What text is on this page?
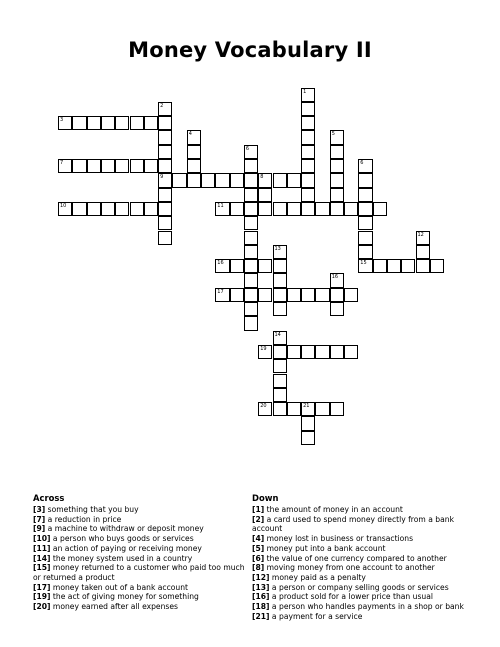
Money Vocabulary II
1
2
9
3
4	5
6
6
15
7
8
10	11
12
13
14
16
16
17
19
20	21
Across
[3] something that you buy
[7] a reduction in price
[9] a machine to withdraw or deposit money
[10] a person who buys goods or services
[11] an action of paying or receiving money
[14] the money system used in a country
[15] money returned to a customer who paid too much or returned a product
[17] money taken out of a bank account
[19] the act of giving money for something
[20] money earned after all expenses
Down
[1] the amount of money in an account
[2] a card used to spend money directly from a bank account
[4] money lost in business or transactions
[5] money put into a bank account
[6] the value of one currency compared to another
[8] moving money from one account to another
[12] money paid as a penalty
[13] a person or company selling goods or services
[16] a product sold for a lower price than usual
[18] a person who handles payments in a shop or bank
[21] a payment for a service
